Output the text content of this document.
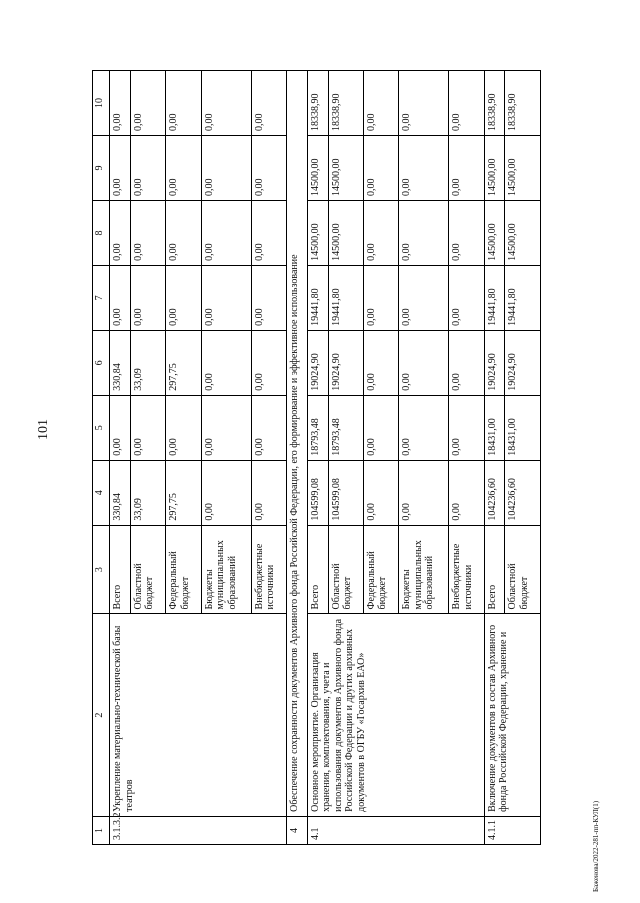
101
Баженова/2022-281-пп-КУЛ(1)
1	2	3	4	5	6	7	8	9	10
3.1.3.2	Укрепление материально-технической базы театров	Всего	330,84	0,00	330,84	0,00	0,00	0,00	0,00
		Областной бюджет	33,09	0,00	33,09	0,00	0,00	0,00	0,00
		Федеральный бюджет	297,75	0,00	297,75	0,00	0,00	0,00	0,00
		Бюджеты муниципальных образований	0,00	0,00	0,00	0,00	0,00	0,00	0,00
		Внебюджетные источники	0,00	0,00	0,00	0,00	0,00	0,00	0,00
4	Обеспечение сохранности документов Архивного фонда Российской Федерации, его формирование и эффективное использование								
4.1	Основное мероприятие. Организация хранения, комплектования, учета и использования документов Архивного фонда Российской Федерации и других архивных документов в ОГБУ «Госархив ЕАО»	Всего	104599,08	18793,48	19024,90	19441,80	14500,00	14500,00	18338,90
		Областной бюджет	104599,08	18793,48	19024,90	19441,80	14500,00	14500,00	18338,90
		Федеральный бюджет	0,00	0,00	0,00	0,00	0,00	0,00	0,00
		Бюджеты муниципальных образований	0,00	0,00	0,00	0,00	0,00	0,00	0,00
		Внебюджетные источники	0,00	0,00	0,00	0,00	0,00	0,00	0,00
4.1.1	Включение документов в состав Архивного фонда Российской Федерации, хранение и	Всего	104236,60	18431,00	19024,90	19441,80	14500,00	14500,00	18338,90
		Областной бюджет	104236,60	18431,00	19024,90	19441,80	14500,00	14500,00	18338,90
